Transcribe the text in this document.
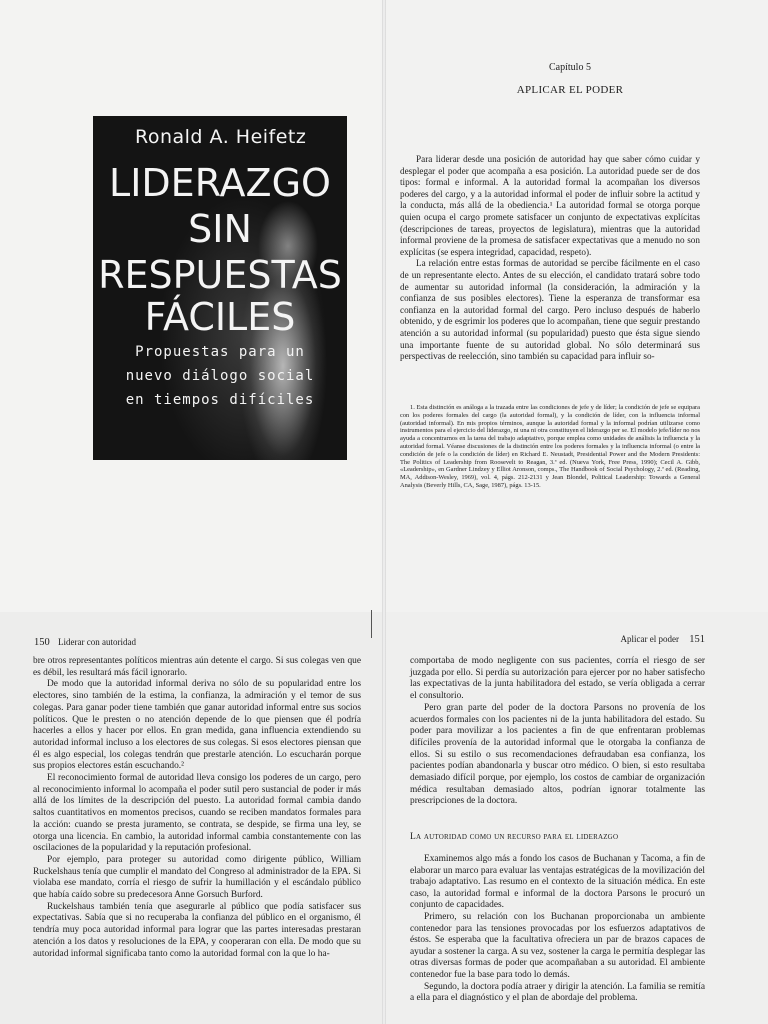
Ronald A. Heifetz
LIDERAZGO
SIN
RESPUESTAS
FÁCILES
Propuestas para un
nuevo diálogo social
en tiempos difíciles
Capítulo 5
APLICAR EL PODER

Para liderar desde una posición de autoridad hay que saber cómo cuidar y desplegar el poder que acompaña a esa posición. La autoridad puede ser de dos tipos: formal e informal. A la autoridad formal la acompañan los diversos poderes del cargo, y a la autoridad informal el poder de influir sobre la actitud y la conducta, más allá de la obediencia.¹ La autoridad formal se otorga porque quien ocupa el cargo promete satisfacer un conjunto de expectativas explícitas (descripciones de tareas, proyectos de legislatura), mientras que la autoridad informal proviene de la promesa de satisfacer expectativas que a menudo no son explícitas (se espera integridad, capacidad, respeto).

La relación entre estas formas de autoridad se percibe fácilmente en el caso de un representante electo. Antes de su elección, el candidato tratará sobre todo de aumentar su autoridad informal (la consideración, la admiración y la confianza de sus posibles electores). Tiene la esperanza de transformar esa confianza en la autoridad formal del cargo. Pero incluso después de haberlo obtenido, y de esgrimir los poderes que lo acompañan, tiene que seguir prestando atención a su autoridad informal (su popularidad) puesto que ésta sigue siendo una importante fuente de su autoridad global. No sólo determinará sus perspectivas de reelección, sino también su capacidad para influir so-

1. Esta distinción es análoga a la trazada entre las condiciones de jefe y de líder; la condición de jefe se equipara con los poderes formales del cargo (la autoridad formal), y la condición de líder, con la influencia informal (autoridad informal). En mis propios términos, aunque la autoridad formal y la informal podrían utilizarse como instrumentos para el ejercicio del liderazgo, ni una ni otra constituyen el liderazgo per se. El modelo jefe/líder no nos ayuda a concentrarnos en la tarea del trabajo adaptativo, porque emplea como unidades de análisis la influencia y la autoridad formal. Véanse discusiones de la distinción entre los poderes formales y la influencia informal (o entre la condición de jefe o la condición de líder) en Richard E. Neustadt, Presidential Power and the Modern Presidents: The Politics of Leadership from Roosevelt to Reagan, 3.ª ed. (Nueva York, Free Press, 1990); Cecil A. Gibb, «Leadership», en Gardner Lindzey y Elliot Aronson, comps., The Handbook of Social Psychology, 2.ª ed. (Reading, MA, Addison-Wesley, 1969), vol. 4, págs. 212-2131 y Jean Blondel, Political Leadership: Towards a General Analysis (Beverly Hills, CA, Sage, 1987), págs. 13-15.

150 Liderar con autoridad

bre otros representantes políticos mientras aún detente el cargo. Si sus colegas ven que es débil, les resultará más fácil ignorarlo.

De modo que la autoridad informal deriva no sólo de su popularidad entre los electores, sino también de la estima, la confianza, la admiración y el temor de sus colegas. Para ganar poder tiene también que ganar autoridad informal entre sus socios políticos. Que le presten o no atención depende de lo que piensen que él podría hacerles a ellos y hacer por ellos. En gran medida, gana influencia extendiendo su autoridad informal incluso a los electores de sus colegas. Si esos electores piensan que él es algo especial, los colegas tendrán que prestarle atención. Lo escucharán porque sus propios electores están escuchando.²

El reconocimiento formal de autoridad lleva consigo los poderes de un cargo, pero al reconocimiento informal lo acompaña el poder sutil pero sustancial de poder ir más allá de los límites de la descripción del puesto. La autoridad formal cambia dando saltos cuantitativos en momentos precisos, cuando se reciben mandatos formales para la acción: cuando se presta juramento, se contrata, se despide, se firma una ley, se otorga una licencia. En cambio, la autoridad informal cambia constantemente con las oscilaciones de la popularidad y la reputación profesional.

Por ejemplo, para proteger su autoridad como dirigente público, William Ruckelshaus tenía que cumplir el mandato del Congreso al administrador de la EPA. Si violaba ese mandato, corría el riesgo de sufrir la humillación y el escándalo público que había caído sobre su predecesora Anne Gorsuch Burford.

Ruckelshaus también tenía que asegurarle al público que podía satisfacer sus expectativas. Sabía que si no recuperaba la confianza del público en el organismo, él tendría muy poca autoridad informal para lograr que las partes interesadas prestaran atención a los datos y resoluciones de la EPA, y cooperaran con ella. De modo que su autoridad informal significaba tanto como la autoridad formal con la que lo ha-

Aplicar el poder 151

comportaba de modo negligente con sus pacientes, corría el riesgo de ser juzgada por ello. Si perdía su autorización para ejercer por no haber satisfecho las expectativas de la junta habilitadora del estado, se vería obligada a cerrar el consultorio.

Pero gran parte del poder de la doctora Parsons no provenía de los acuerdos formales con los pacientes ni de la junta habilitadora del estado. Su poder para movilizar a los pacientes a fin de que enfrentaran problemas difíciles provenía de la autoridad informal que le otorgaba la confianza de ellos. Si su estilo o sus recomendaciones defraudaban esa confianza, los pacientes podían abandonarla y buscar otro médico. O bien, si esto resultaba demasiado difícil porque, por ejemplo, los costos de cambiar de organización médica resultaban demasiado altos, podrían ignorar totalmente las prescripciones de la doctora.

La autoridad como un recurso para el liderazgo

Examinemos algo más a fondo los casos de Buchanan y Tacoma, a fin de elaborar un marco para evaluar las ventajas estratégicas de la movilización del trabajo adaptativo. Las resumo en el contexto de la situación médica. En este caso, la autoridad formal e informal de la doctora Parsons le procuró un conjunto de capacidades.

Primero, su relación con los Buchanan proporcionaba un ambiente contenedor para las tensiones provocadas por los esfuerzos adaptativos de éstos. Se esperaba que la facultativa ofreciera un par de brazos capaces de ayudar a sostener la carga. A su vez, sostener la carga le permitía desplegar las otras diversas formas de poder que acompañaban a su autoridad. El ambiente contenedor fue la base para todo lo demás.

Segundo, la doctora podía atraer y dirigir la atención. La familia se remitía a ella para el diagnóstico y el plan de abordaje del problema.
